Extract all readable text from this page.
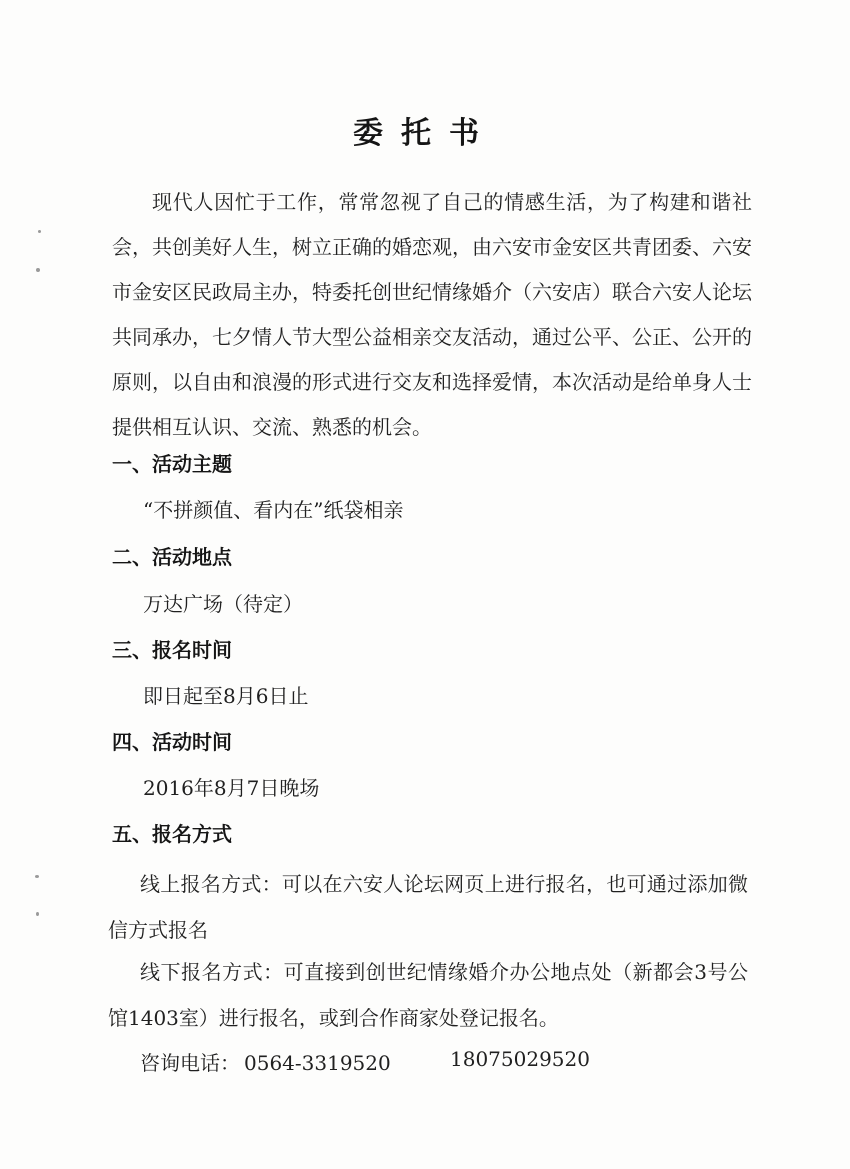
委托书
现代人因忙于工作，常常忽视了自己的情感生活，为了构建和谐社会，共创美好人生，树立正确的婚恋观，由六安市金安区共青团委、六安市金安区民政局主办，特委托创世纪情缘婚介（六安店）联合六安人论坛共同承办，七夕情人节大型公益相亲交友活动，通过公平、公正、公开的原则，以自由和浪漫的形式进行交友和选择爱情，本次活动是给单身人士提供相互认识、交流、熟悉的机会。
一、活动主题
“不拼颜值、看内在”纸袋相亲
二、活动地点
万达广场（待定）
三、报名时间
即日起至8月6日止
四、活动时间
2016年8月7日晚场
五、报名方式
线上报名方式：可以在六安人论坛网页上进行报名，也可通过添加微信方式报名
线下报名方式：可直接到创世纪情缘婚介办公地点处（新都会3号公馆1403室）进行报名，或到合作商家处登记报名。
咨询电话： 0564-3319520	18075029520
